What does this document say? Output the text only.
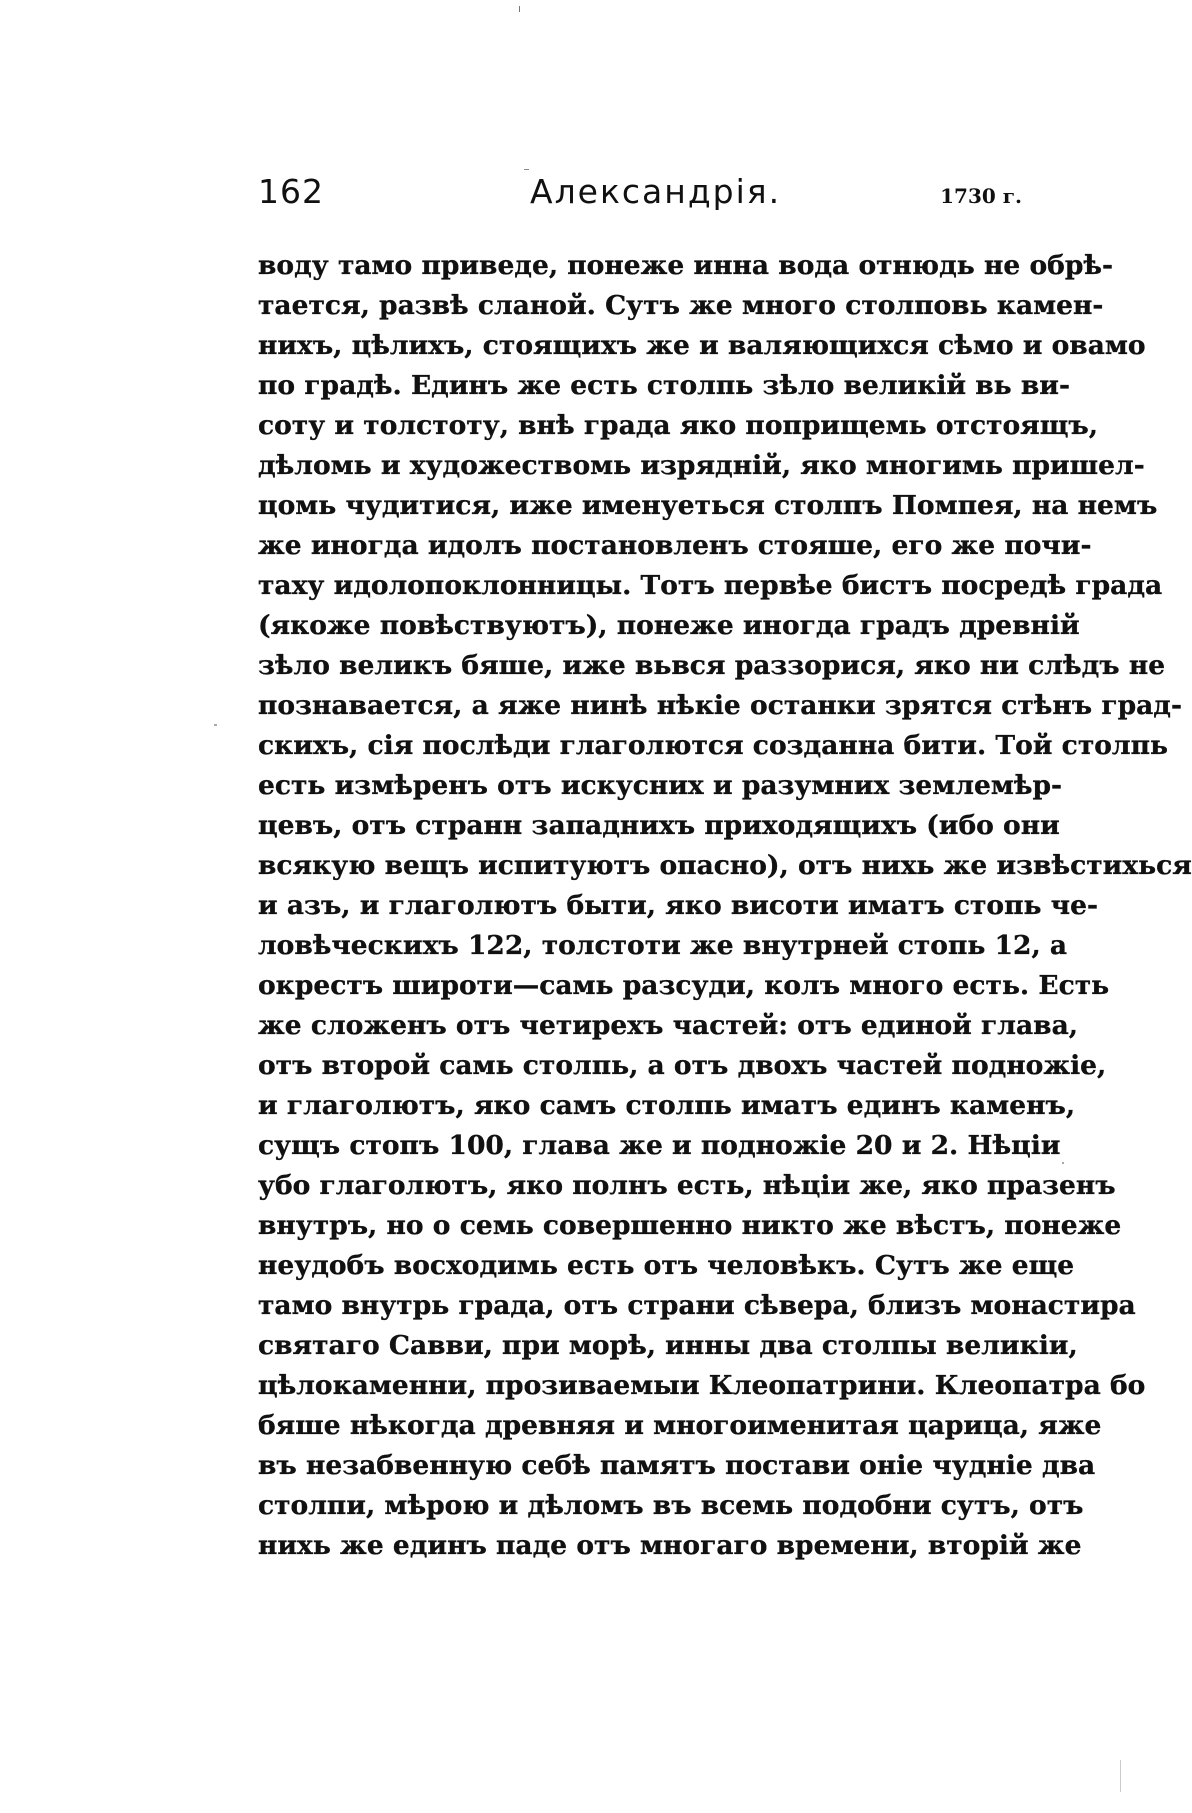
162	Александрія.	1730 г.
воду тамо приведе, понеже инна вода отнюдь не обрѣ-
тается, развѣ сланой. Сутъ же много столповь камен-
нихъ, цѣлихъ, стоящихъ же и валяющихся сѣмо и овамо
по градѣ. Единъ же есть столпь зѣло великій вь ви-
соту и толстоту, внѣ града яко поприщемь отстоящъ,
дѣломь и художествомь изрядній, яко многимь пришел-
цомь чудитися, иже именуеться столпъ Помпея, на немъ
же иногда идолъ постановленъ стояше, его же почи-
таху идолопоклонницы. Тотъ первѣе бистъ посредѣ града
(якоже повѣствуютъ), понеже иногда градъ древній
зѣло великъ бяше, иже вьвся раззорися, яко ни слѣдъ не
познавается, а яже нинѣ нѣкіе останки зрятся стѣнъ град-
скихъ, сія послѣди глаголются созданна бити. Той столпь
есть измѣренъ отъ искусних и разумних землемѣр-
цевъ, отъ странн западнихъ приходящихъ (ибо они
всякую вещъ испитуютъ опасно), отъ нихь же извѣстихься
и азъ, и глаголютъ быти, яко висоти иматъ стопь че-
ловѣческихъ 122, толстоти же внутрней стопь 12, а
окрестъ широти—самь разсуди, колъ много есть. Есть
же сложенъ отъ четирехъ частей: отъ единой глава,
отъ второй самь столпь, а отъ двохъ частей подножіе,
и глаголютъ, яко самъ столпь иматъ единъ каменъ,
сущъ стопъ 100, глава же и подножіе 20 и 2. Нѣціи
убо глаголютъ, яко полнъ есть, нѣціи же, яко празенъ
внутръ, но о семь совершенно никто же вѣстъ, понеже
неудобъ восходимь есть отъ человѣкъ. Сутъ же еще
тамо внутрь града, отъ страни сѣвера, близъ монастира
святаго Савви, при морѣ, инны два столпы великіи,
цѣлокаменни, прозиваемыи Клеопатрини. Клеопатра бо
бяше нѣкогда древняя и многоименитая царица, яже
въ незабвенную себѣ памятъ постави оніе чудніе два
столпи, мѣрою и дѣломъ въ всемь подобни сутъ, отъ
нихь же единъ паде отъ многаго времени, вторій же
